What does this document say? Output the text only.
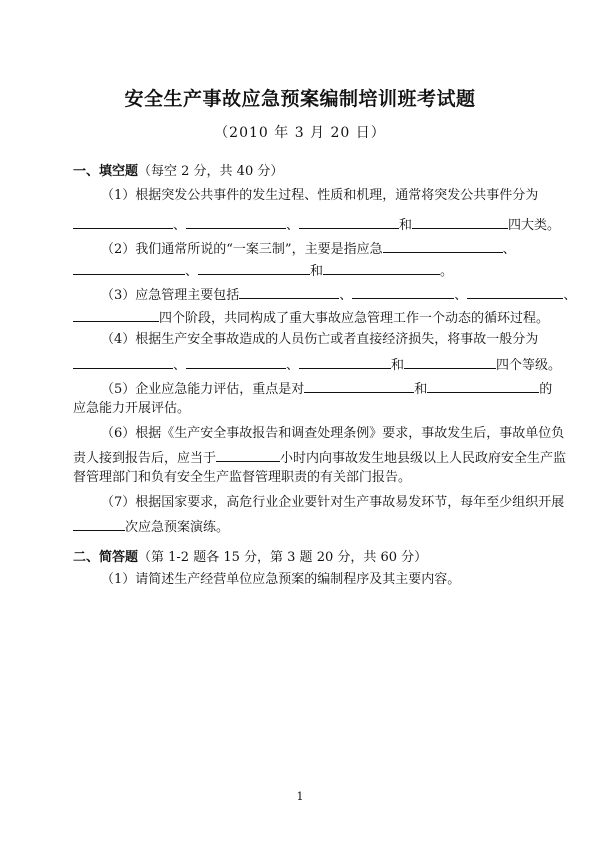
安全生产事故应急预案编制培训班考试题
（2010 年 3 月 20 日）
一、填空题（每空 2 分，共 40 分）
（1）根据突发公共事件的发生过程、性质和机理，通常将突发公共事件分为
、	、	和	四大类。
（2）我们通常所说的“一案三制”，主要是指应急	、
、	和	。
（3）应急管理主要包括	、	、	、
四个阶段，共同构成了重大事故应急管理工作一个动态的循环过程。
（4）根据生产安全事故造成的人员伤亡或者直接经济损失，将事故一般分为
、	、	和	四个等级。
（5）企业应急能力评估，重点是对	和	的
应急能力开展评估。
（6）根据《生产安全事故报告和调查处理条例》要求，事故发生后，事故单位负
责人接到报告后，应当于	小时内向事故发生地县级以上人民政府安全生产监
督管理部门和负有安全生产监督管理职责的有关部门报告。
（7）根据国家要求，高危行业企业要针对生产事故易发环节，每年至少组织开展
次应急预案演练。
二、简答题（第 1-2 题各 15 分，第 3 题 20 分，共 60 分）
（1）请简述生产经营单位应急预案的编制程序及其主要内容。
1
